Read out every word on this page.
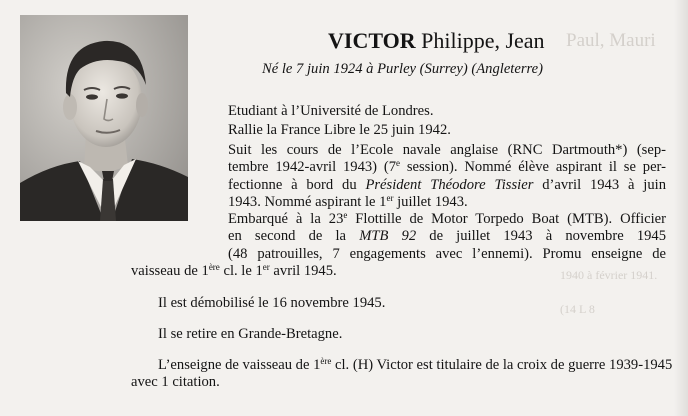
Paul, Mauri
1940 à février 1941.
(14 L 8
VICTOR Philippe, Jean
Né le 7 juin 1924 à Purley (Surrey) (Angleterre)
Etudiant à l’Université de Londres.
Rallie la France Libre le 25 juin 1942.
Suit les cours de l’Ecole navale anglaise (RNC Dartmouth*) (sep-
tembre 1942-avril 1943) (7e session). Nommé élève aspirant il se per-
fectionne à bord du Président Théodore Tissier d’avril 1943 à juin
1943. Nommé aspirant le 1er juillet 1943.
Embarqué à la 23e Flottille de Motor Torpedo Boat (MTB). Officier
en second de la MTB 92 de juillet 1943 à novembre 1945
(48 patrouilles, 7 engagements avec l’ennemi). Promu enseigne de
vaisseau de 1ère cl. le 1er avril 1945.
Il est démobilisé le 16 novembre 1945.
Il se retire en Grande-Bretagne.
L’enseigne de vaisseau de 1ère cl. (H) Victor est titulaire de la croix de guerre 1939-1945
avec 1 citation.
